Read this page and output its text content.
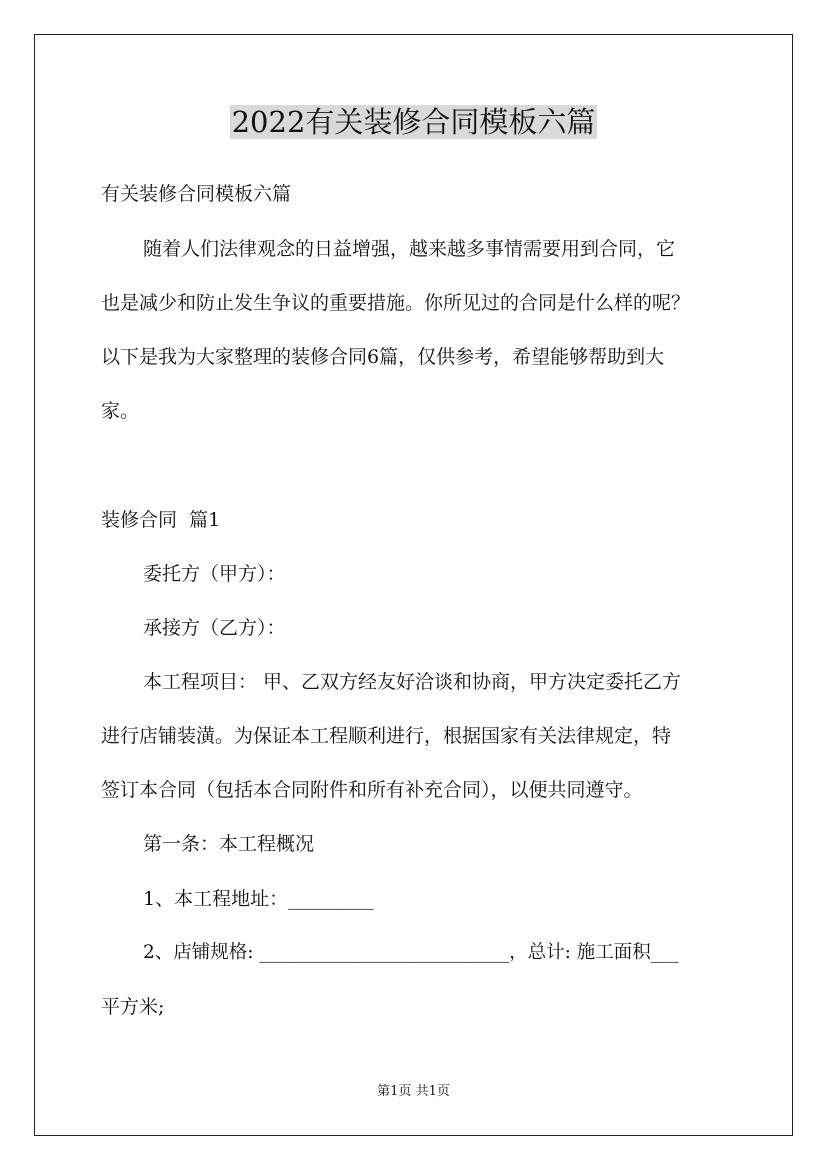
2022有关装修合同模板六篇

有关装修合同模板六篇

随着人们法律观念的日益增强，越来越多事情需要用到合同，它

也是减少和防止发生争议的重要措施。你所见过的合同是什么样的呢？

以下是我为大家整理的装修合同6篇，仅供参考，希望能够帮助到大

家。

装修合同  篇1

委托方（甲方）：

承接方（乙方）：

本工程项目： 甲、乙双方经友好洽谈和协商，甲方决定委托乙方

进行店铺装潢。为保证本工程顺利进行，根据国家有关法律规定，特

签订本合同（包括本合同附件和所有补充合同），以便共同遵守。

第一条：本工程概况

1、本工程地址：_________

2、店铺规格: ___________________________，总计: 施工面积___

平方米;

第1页 共1页
